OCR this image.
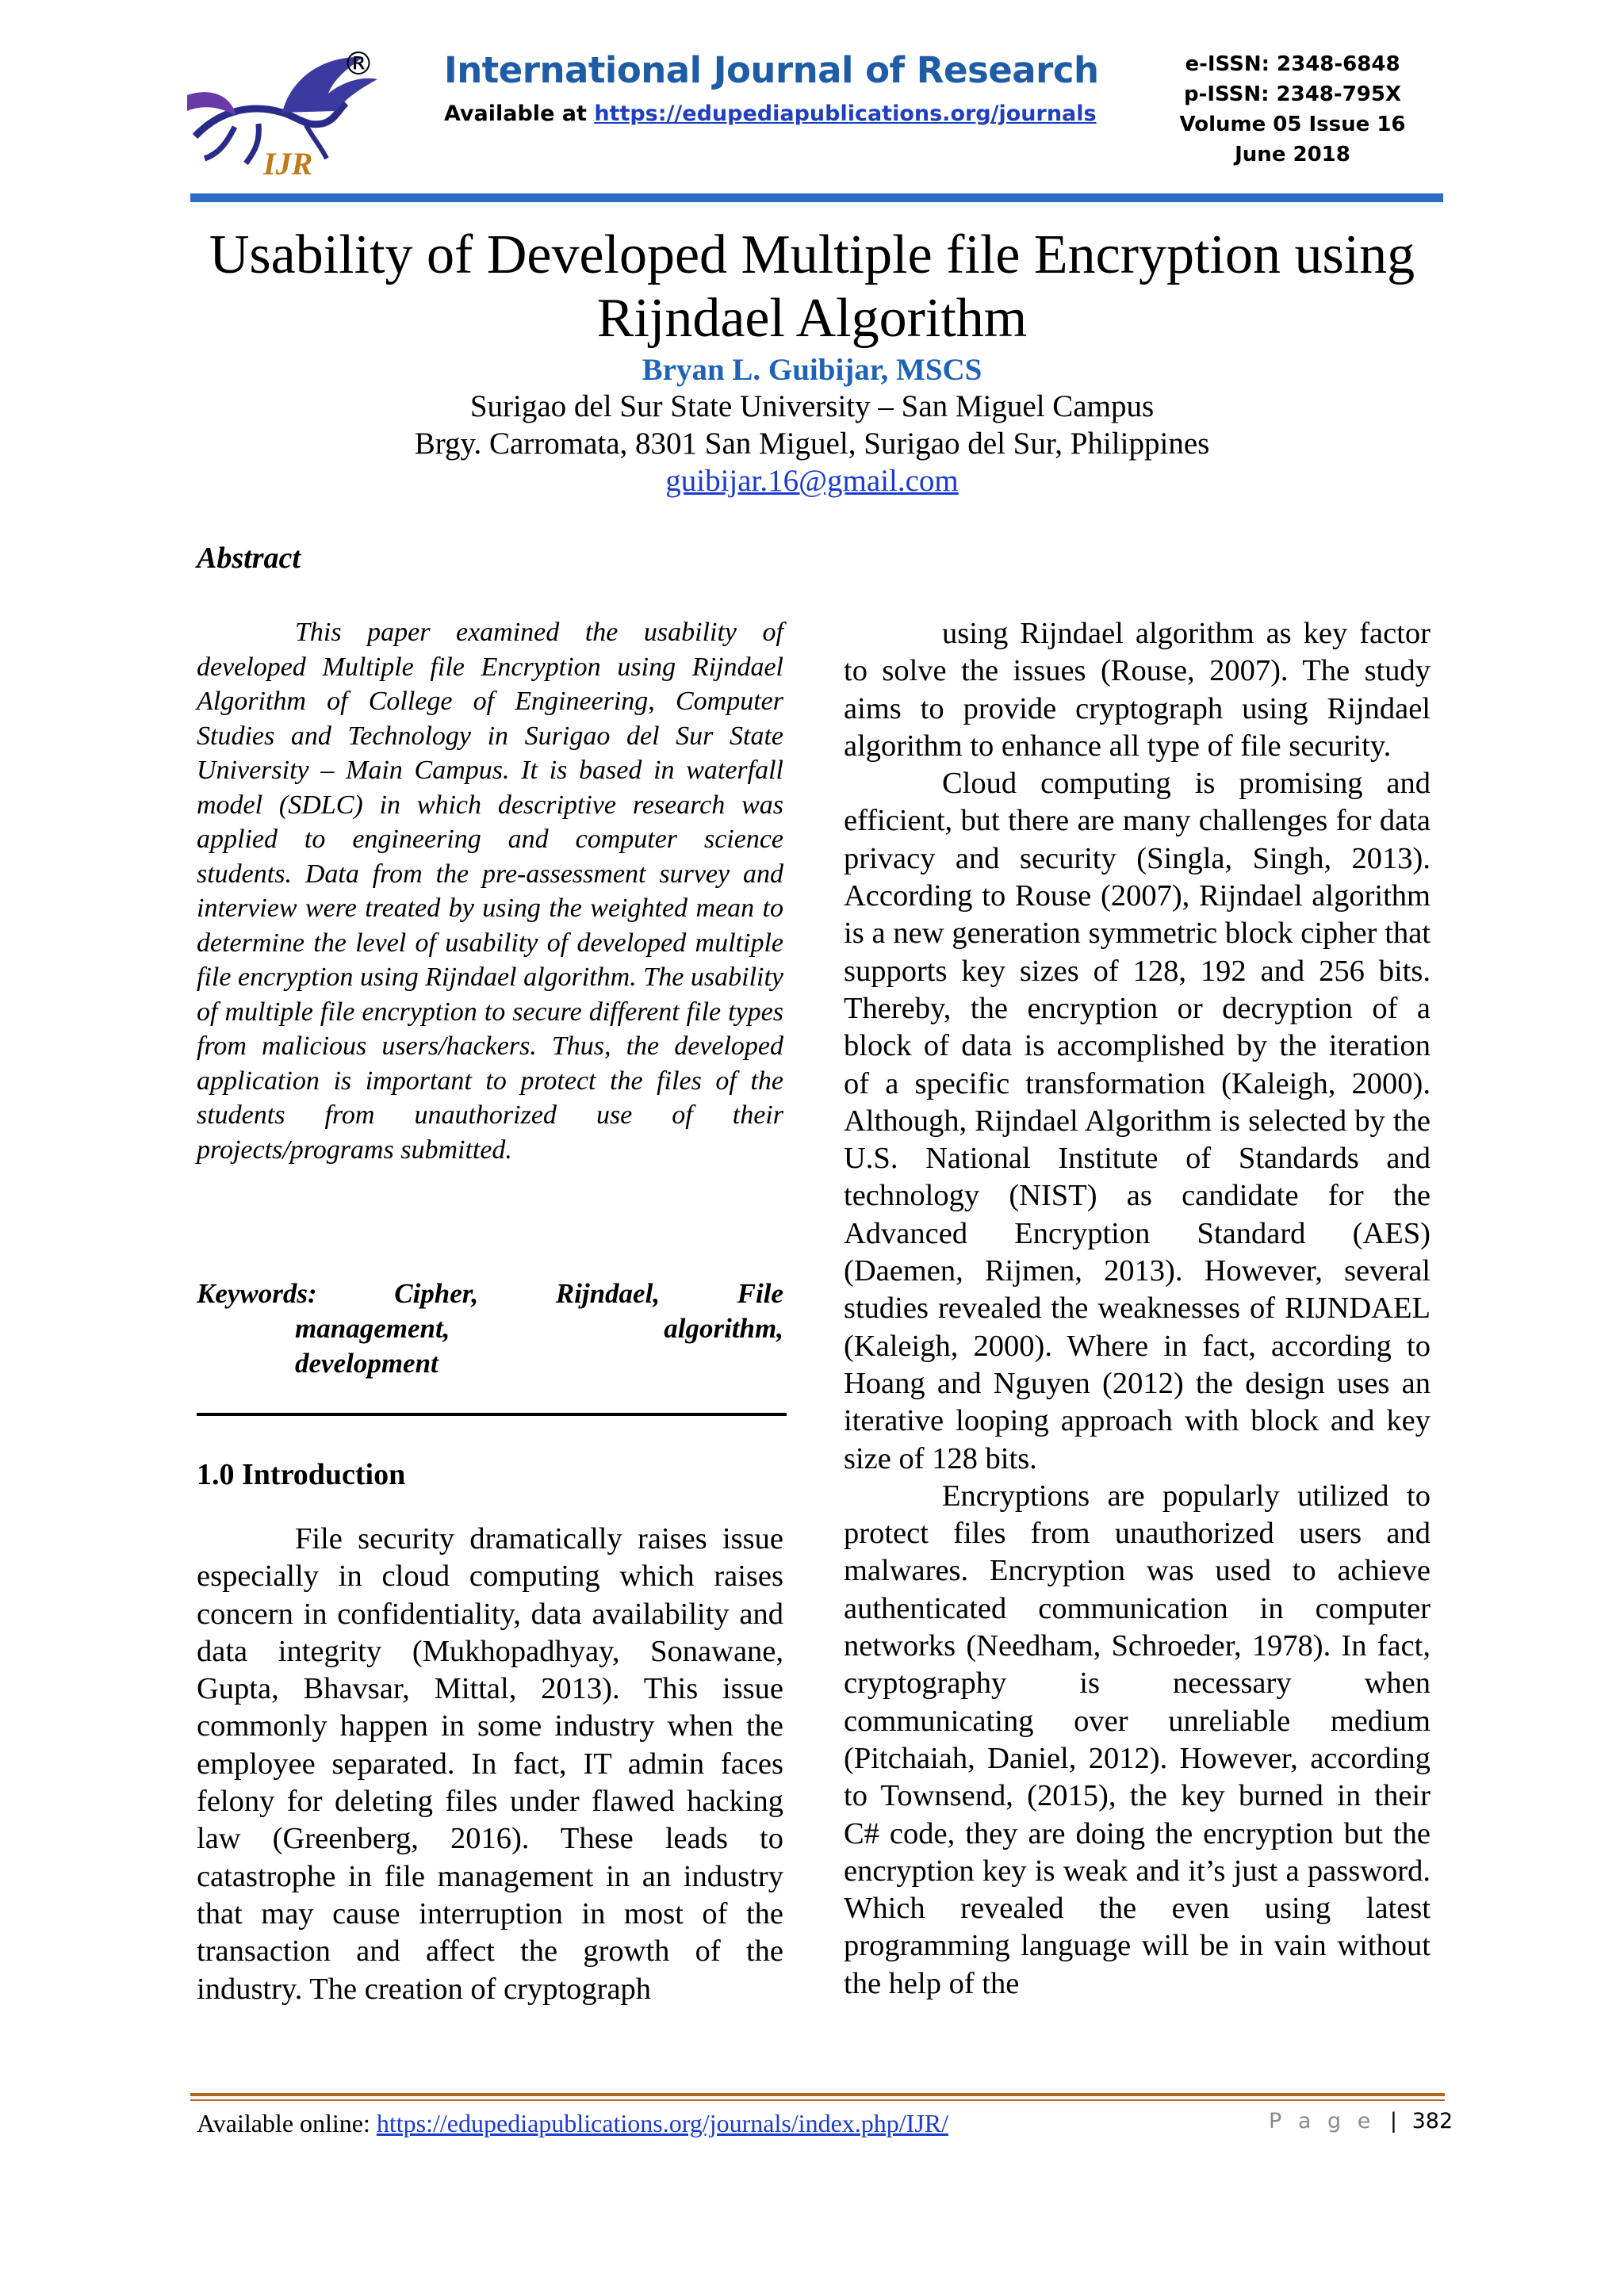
IJR
® International Journal of Research
Available at https://edupediapublications.org/journals
e-ISSN: 2348-6848
p-ISSN: 2348-795X
Volume 05 Issue 16
June 2018
Usability of Developed Multiple file Encryption using
Rijndael Algorithm
Bryan L. Guibijar, MSCS
Surigao del Sur State University – San Miguel Campus
Brgy. Carromata, 8301 San Miguel, Surigao del Sur, Philippines
guibijar.16@gmail.com
Abstract

This paper examined the usability of developed Multiple file Encryption using Rijndael Algorithm of College of Engineering, Computer Studies and Technology in Surigao del Sur State University – Main Campus. It is based in waterfall model (SDLC) in which descriptive research was applied to engineering and computer science students. Data from the pre-assessment survey and interview were treated by using the weighted mean to determine the level of usability of developed multiple file encryption using Rijndael algorithm. The usability of multiple file encryption to secure different file types from malicious users/hackers. Thus, the developed application is important to protect the files of the students from unauthorized use of their projects/programs submitted.

Keywords:	Cipher,	Rijndael,	File
management,	algorithm,
development
1.0 Introduction

File security dramatically raises issue especially in cloud computing which raises concern in confidentiality, data availability and data integrity (Mukhopadhyay, Sonawane, Gupta, Bhavsar, Mittal, 2013). This issue commonly happen in some industry when the employee separated. In fact, IT admin faces felony for deleting files under flawed hacking law (Greenberg, 2016). These leads to catastrophe in file management in an industry that may cause interruption in most of the transaction and affect the growth of the industry. The creation of cryptograph

using Rijndael algorithm as key factor to solve the issues (Rouse, 2007). The study aims to provide cryptograph using Rijndael algorithm to enhance all type of file security.

Cloud computing is promising and efficient, but there are many challenges for data privacy and security (Singla, Singh, 2013). According to Rouse (2007), Rijndael algorithm is a new generation symmetric block cipher that supports key sizes of 128, 192 and 256 bits. Thereby, the encryption or decryption of a block of data is accomplished by the iteration of a specific transformation (Kaleigh, 2000). Although, Rijndael Algorithm is selected by the U.S. National Institute of Standards and technology (NIST) as candidate for the Advanced Encryption Standard (AES) (Daemen, Rijmen, 2013). However, several studies revealed the weaknesses of RIJNDAEL (Kaleigh, 2000). Where in fact, according to Hoang and Nguyen (2012) the design uses an iterative looping approach with block and key size of 128 bits.

Encryptions are popularly utilized to protect files from unauthorized users and malwares. Encryption was used to achieve authenticated communication in computer networks (Needham, Schroeder, 1978). In fact, cryptography is necessary when communicating over unreliable medium (Pitchaiah, Daniel, 2012). However, according to Townsend, (2015), the key burned in their C# code, they are doing the encryption but the encryption key is weak and it’s just a password. Which revealed the even using latest programming language will be in vain without the help of the

Available online: https://edupediapublications.org/journals/index.php/IJR/	P a g e | 382
